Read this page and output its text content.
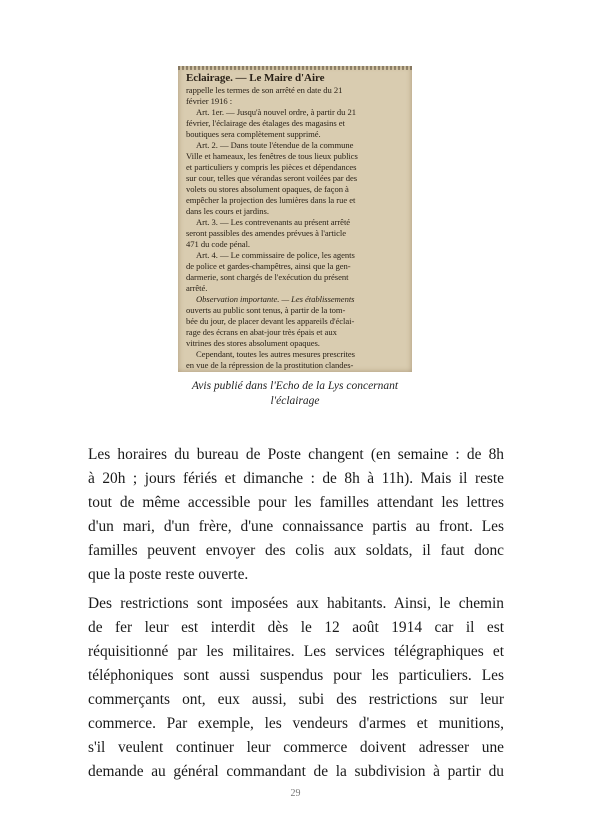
Eclairage. — Le Maire d'Aire
rappelle les termes de son arrêté en date du 21
février 1916 :
Art. 1er. — Jusqu'à nouvel ordre, à partir du 21
février, l'éclairage des étalages des magasins et
boutiques sera complètement supprimé.
Art. 2. — Dans toute l'étendue de la commune
Ville et hameaux, les fenêtres de tous lieux publics
et particuliers y compris les pièces et dépendances
sur cour, telles que vérandas seront voilées par des
volets ou stores absolument opaques, de façon à
empêcher la projection des lumières dans la rue et
dans les cours et jardins.
Art. 3. — Les contrevenants au présent arrêté
seront passibles des amendes prévues à l'article
471 du code pénal.
Art. 4. — Le commissaire de police, les agents
de police et gardes-champêtres, ainsi que la gen-
darmerie, sont chargés de l'exécution du présent
arrêté.
Observation importante. — Les établissements
ouverts au public sont tenus, à partir de la tom-
bée du jour, de placer devant les appareils d'éclai-
rage des écrans en abat-jour très épais et aux
vitrines des stores absolument opaques.
Cependant, toutes les autres mesures prescrites
en vue de la répression de la prostitution clandes-
Avis publié dans l'Echo de la Lys concernant
l'éclairage
Les horaires du bureau de Poste changent (en semaine : de 8h
à 20h ; jours fériés et dimanche : de 8h à 11h). Mais il reste
tout de même accessible pour les familles attendant les lettres
d'un mari, d'un frère, d'une connaissance partis au front. Les
familles peuvent envoyer des colis aux soldats, il faut donc
que la poste reste ouverte.
Des restrictions sont imposées aux habitants. Ainsi, le chemin
de fer leur est interdit dès le 12 août 1914 car il est
réquisitionné par les militaires. Les services télégraphiques et
téléphoniques sont aussi suspendus pour les particuliers. Les
commerçants ont, eux aussi, subi des restrictions sur leur
commerce. Par exemple, les vendeurs d'armes et munitions,
s'il veulent continuer leur commerce doivent adresser une
demande au général commandant de la subdivision à partir du
29
